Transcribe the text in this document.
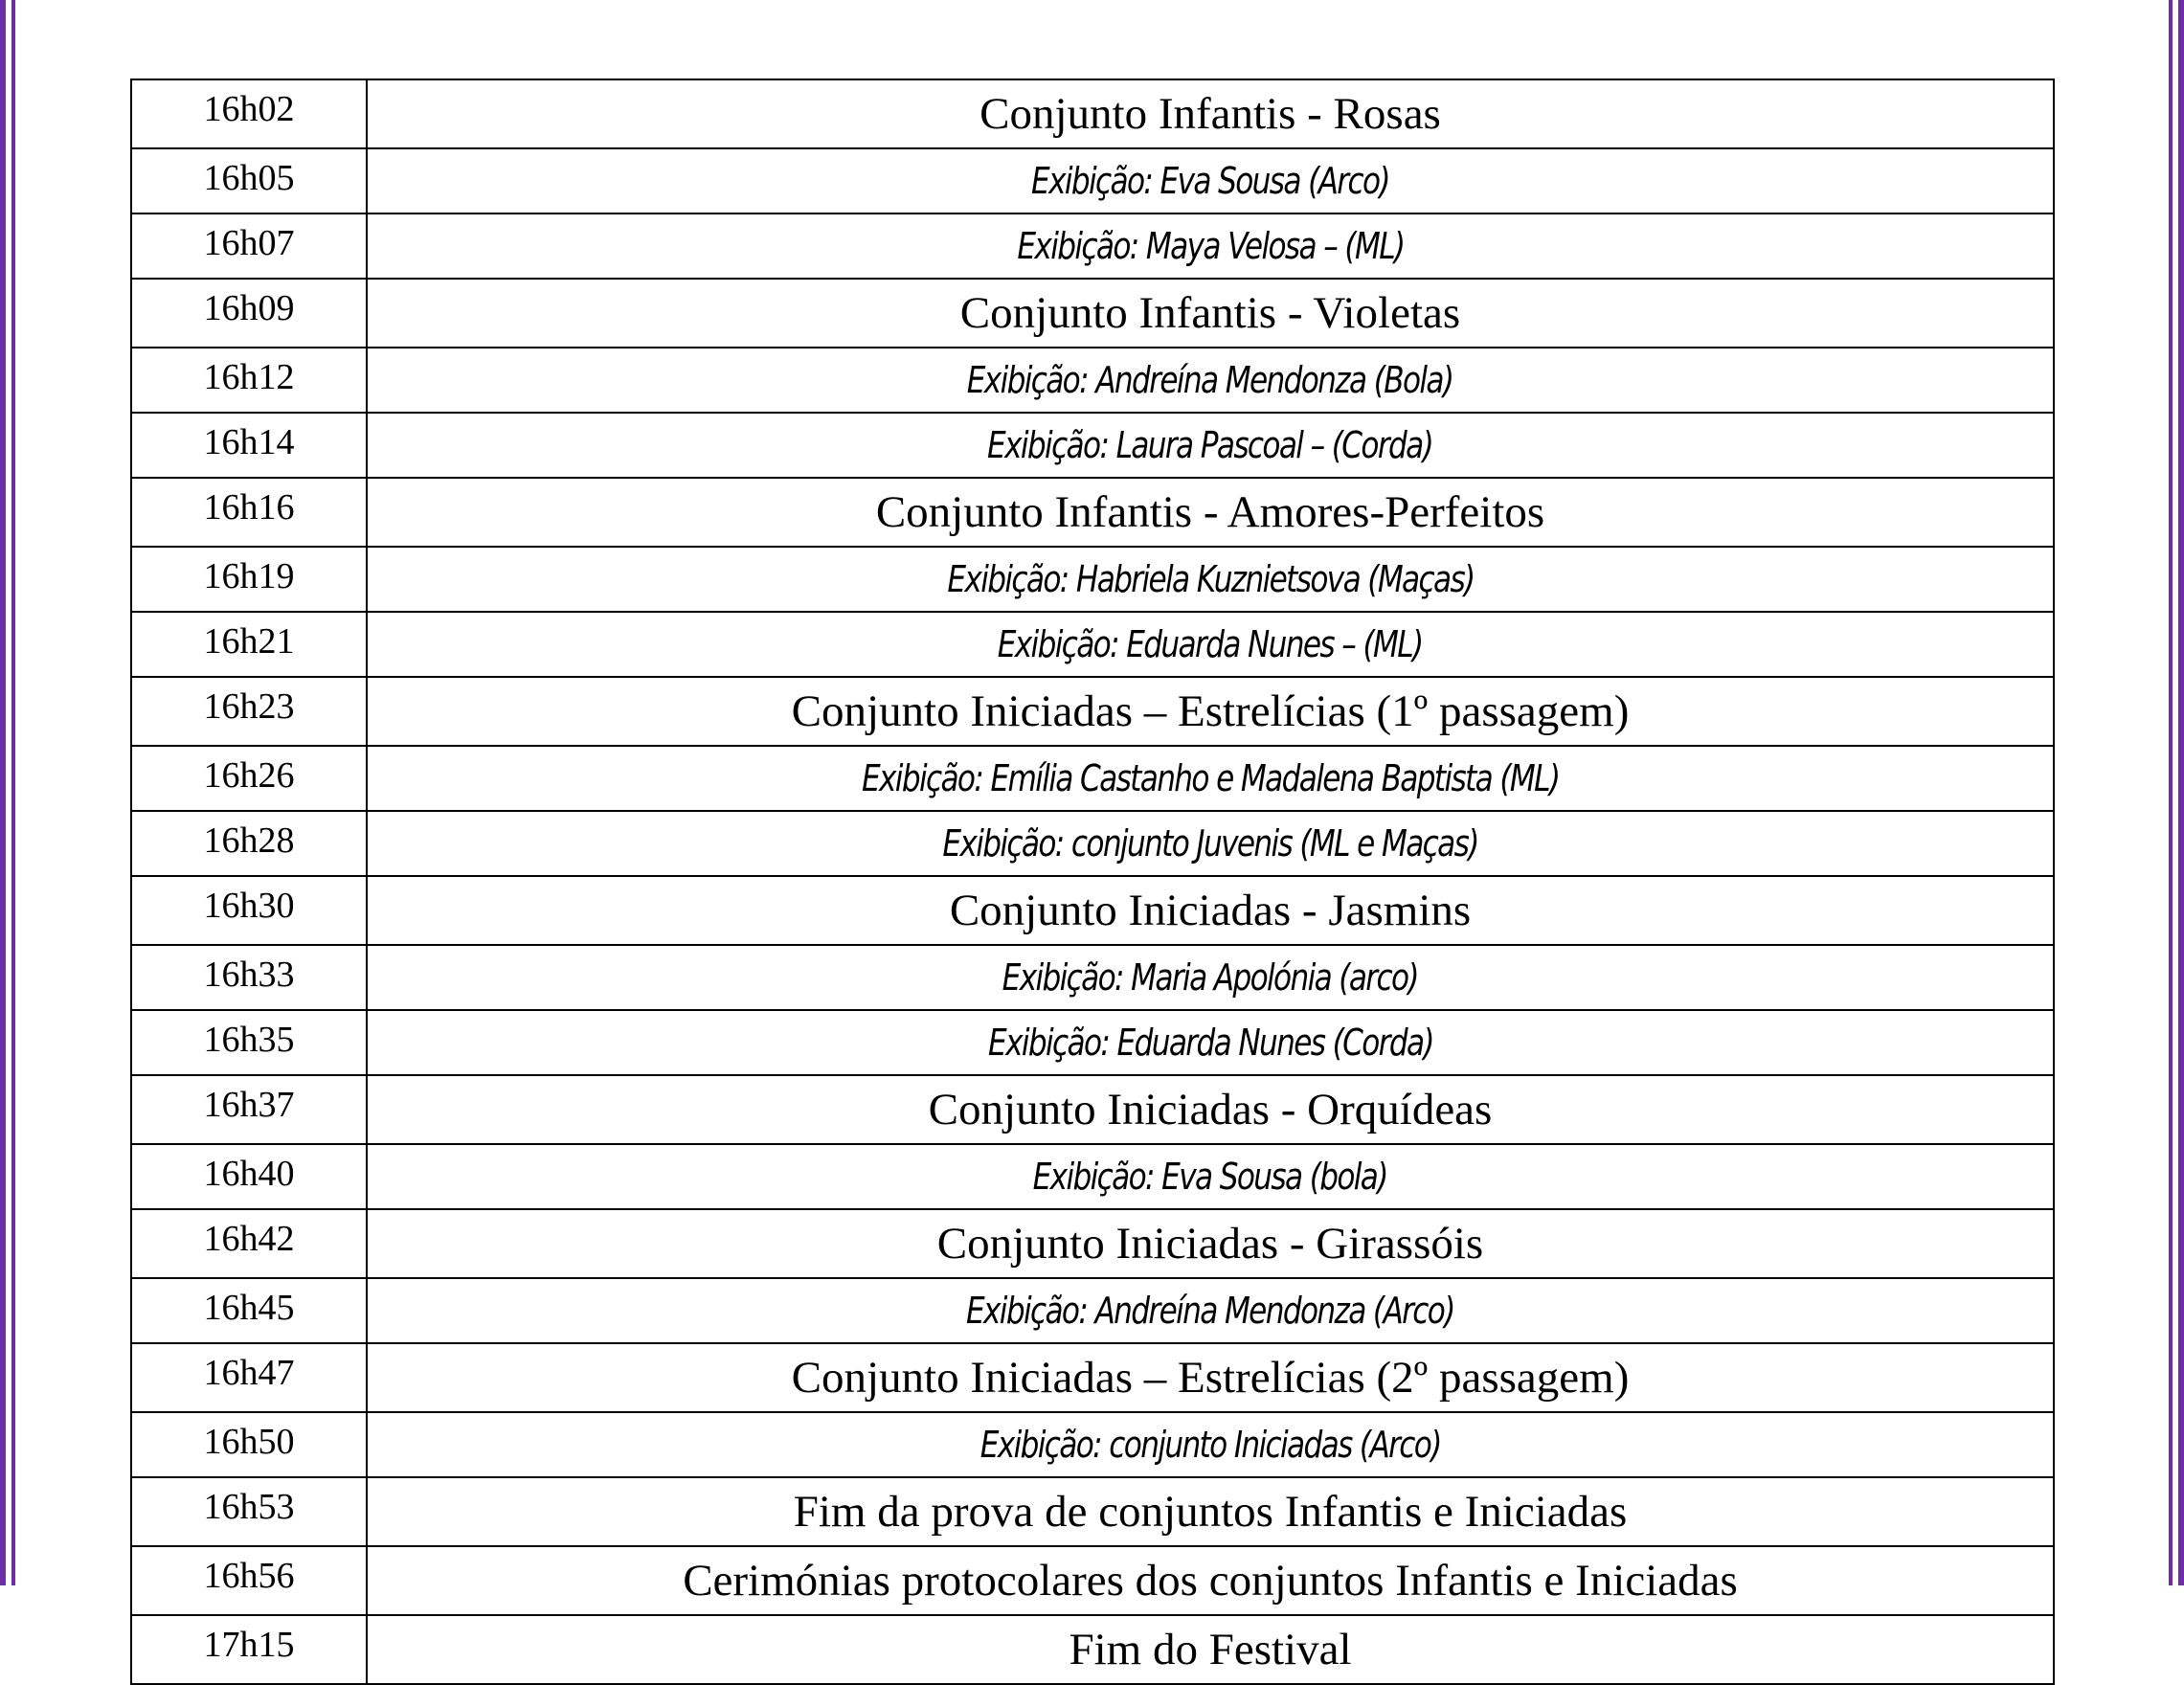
16h02	Conjunto Infantis - Rosas
16h05	Exibição: Eva Sousa (Arco)
16h07	Exibição: Maya Velosa – (ML)
16h09	Conjunto Infantis - Violetas
16h12	Exibição: Andreína Mendonza (Bola)
16h14	Exibição: Laura Pascoal – (Corda)
16h16	Conjunto Infantis - Amores-Perfeitos
16h19	Exibição: Habriela Kuznietsova (Maças)
16h21	Exibição: Eduarda Nunes – (ML)
16h23	Conjunto Iniciadas – Estrelícias (1º passagem)
16h26	Exibição: Emília Castanho e Madalena Baptista (ML)
16h28	Exibição: conjunto Juvenis (ML e Maças)
16h30	Conjunto Iniciadas - Jasmins
16h33	Exibição: Maria Apolónia (arco)
16h35	Exibição: Eduarda Nunes (Corda)
16h37	Conjunto Iniciadas - Orquídeas
16h40	Exibição: Eva Sousa (bola)
16h42	Conjunto Iniciadas - Girassóis
16h45	Exibição: Andreína Mendonza (Arco)
16h47	Conjunto Iniciadas – Estrelícias (2º passagem)
16h50	Exibição: conjunto Iniciadas (Arco)
16h53	Fim da prova de conjuntos Infantis e Iniciadas
16h56	Cerimónias protocolares dos conjuntos Infantis e Iniciadas
17h15	Fim do Festival
